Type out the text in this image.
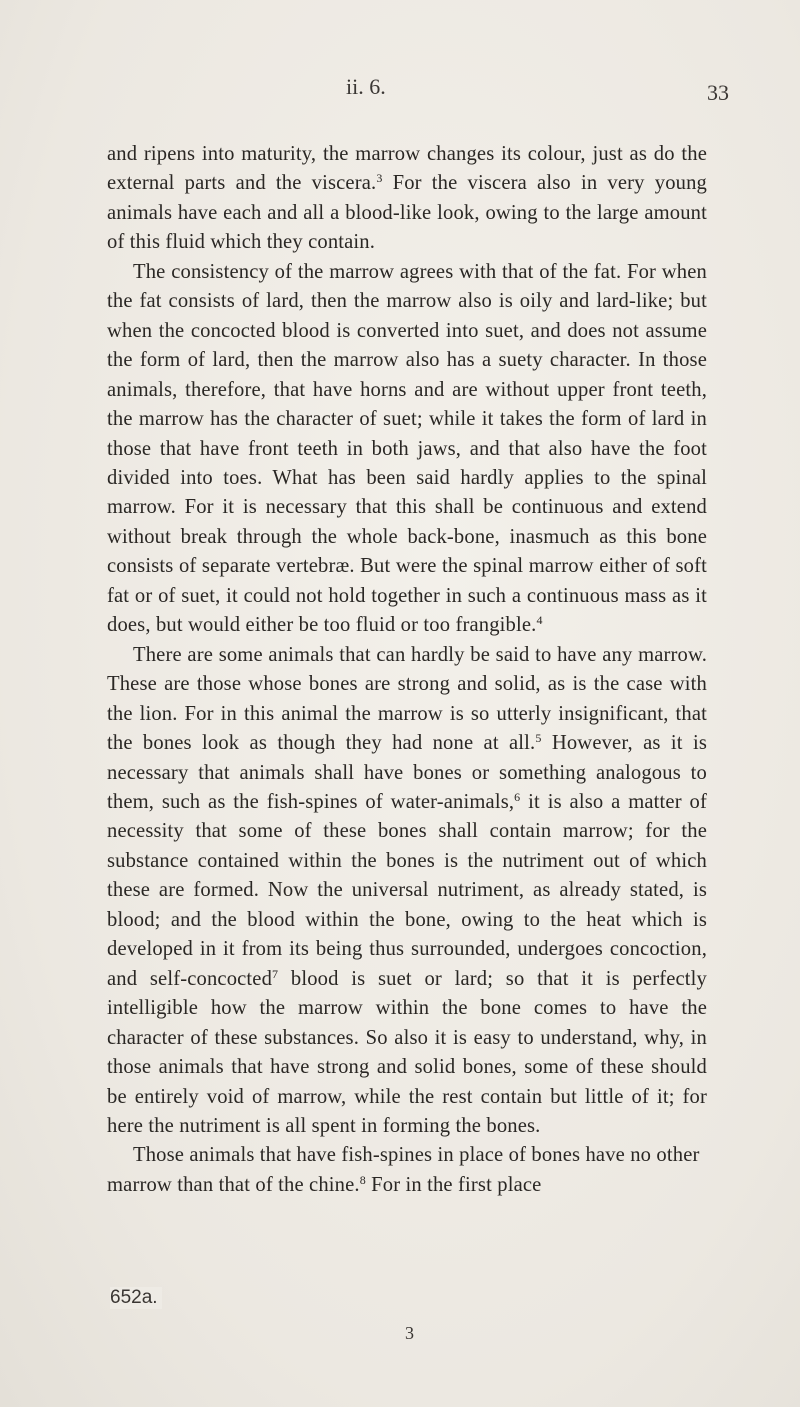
ii. 6.	33

and ripens into maturity, the marrow changes its colour, just as do the external parts and the viscera.$^3$ For the viscera also in very young animals have each and all a blood-like look, owing to the large amount of this fluid which they contain.

The consistency of the marrow agrees with that of the fat. For when the fat consists of lard, then the marrow also is oily and lard-like; but when the concocted blood is converted into suet, and does not assume the form of lard, then the marrow also has a suety character. In those animals, therefore, that have horns and are without upper front teeth, the marrow has the character of suet; while it takes the form of lard in those that have front teeth in both jaws, and that also have the foot divided into toes. What has been said hardly applies to the spinal marrow. For it is necessary that this shall be continuous and extend without break through the whole back-bone, inasmuch as this bone consists of separate vertebræ. But were the spinal marrow either of soft fat or of suet, it could not hold together in such a continuous mass as it does, but would either be too fluid or too frangible.$^4$

There are some animals that can hardly be said to have any marrow. These are those whose bones are strong and solid, as is the case with the lion. For in this animal the marrow is so utterly insignificant, that the bones look as though they had none at all.$^5$ However, as it is necessary that animals shall have bones or something analogous to them, such as the fish-spines of water-animals,$^6$ it is also a matter of necessity that some of these bones shall contain marrow; for the substance contained within the bones is the nutriment out of which these are formed. Now the universal nutriment, as already stated, is blood; and the blood within the bone, owing to the heat which is developed in it from its being thus surrounded, undergoes concoction, and self-concocted$^7$ blood is suet or lard; so that it is perfectly intelligible how the marrow within the bone comes to have the character of these substances. So also it is easy to understand, why, in those animals that have strong and solid bones, some of these should be entirely void of marrow, while the rest contain but little of it; for here the nutriment is all spent in forming the bones.

Those animals that have fish-spines in place of bones have no other marrow than that of the chine.$^8$ For in the first place

652a.
3
